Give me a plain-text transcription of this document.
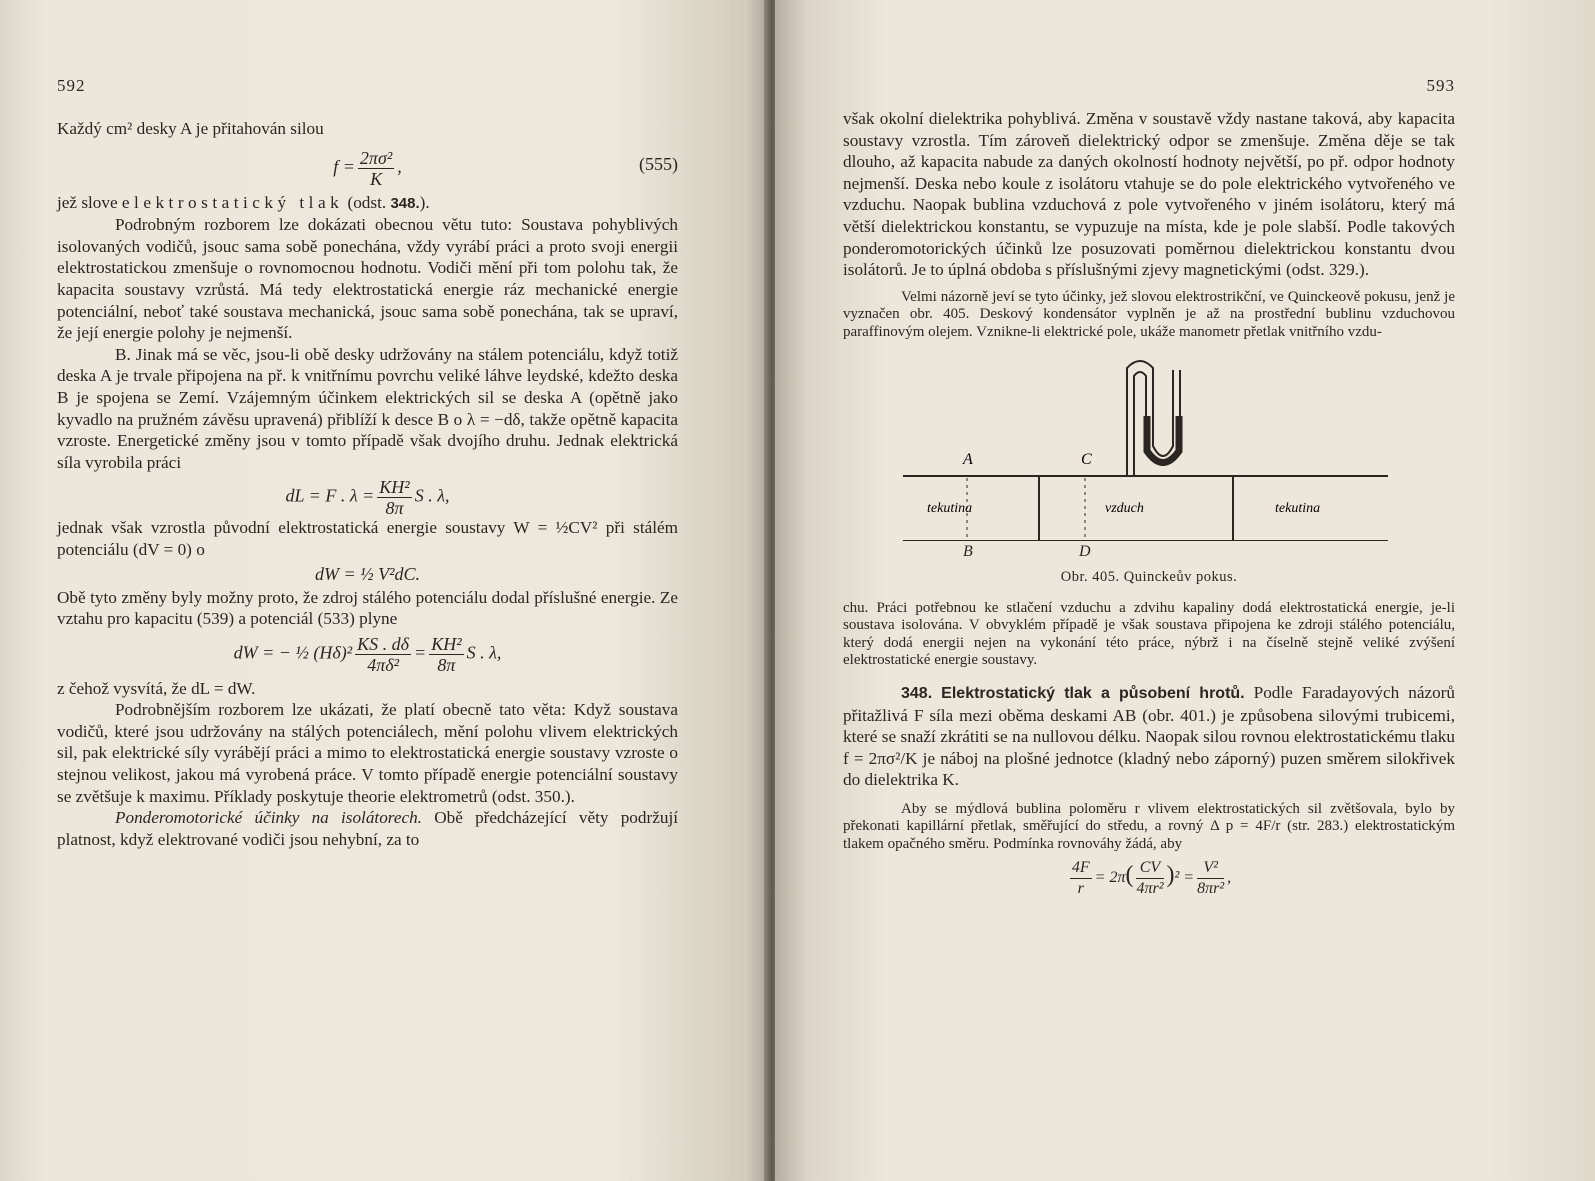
592

Každý cm² desky A je přitahován silou

$f = \frac{\text{2πσ²}}{K}$ ,	(555)

jež slove elektrostatický tlak (odst. 348.).

Podrobným rozborem lze dokázati obecnou větu tuto: Soustava pohyblivých isolovaných vodičů, jsouc sama sobě ponechána, vždy vyrábí práci a proto svoji energii elektrostatickou zmenšuje o rovnomocnou hodnotu. Vodiči mění při tom polohu tak, že kapacita soustavy vzrůstá. Má tedy elektrostatická energie ráz mechanické energie potenciální, neboť také soustava mechanická, jsouc sama sobě ponechána, tak se upraví, že její energie polohy je nejmenší.

B. Jinak má se věc, jsou-li obě desky udržovány na stálem potenciálu, když totiž deska A je trvale připojena na př. k vnitřnímu povrchu veliké láhve leydské, kdežto deska B je spojena se Zemí. Vzájemným účinkem elektrických sil se deska A (opětně jako kyvadlo na pružném závěsu upravená) přiblíží k desce B o λ = −dδ, takže opětně kapacita vzroste. Energetické změny jsou v tomto případě však dvojího druhu. Jednak elektrická síla vyrobila práci

dL = F . $\lambda = \frac{\text{KH²}}{8\pi}$ S . λ,

jednak však vzrostla původní elektrostatická energie soustavy W = ½CV² při stálém potenciálu (dV = 0) o

dW = ½ V²dC.

Obě tyto změny byly možny proto, že zdroj stálého potenciálu dodal příslušné energie. Ze vztahu pro kapacitu (539) a potenciál (533) plyne

dW = − ½ $(H\delta)^2 \frac{KS . d\delta}{\text{4πδ²}} = \frac{\text{KH²}}{8\pi}$ S . λ,

z čehož vysvítá, že dL = dW.

Podrobnějším rozborem lze ukázati, že platí obecně tato věta: Když soustava vodičů, které jsou udržovány na stálých potenciálech, mění polohu vlivem elektrických sil, pak elektrické síly vyrábějí práci a mimo to elektrostatická energie soustavy vzroste o stejnou velikost, jakou má vyrobená práce. V tomto případě energie potenciální soustavy se zvětšuje k maximu. Příklady poskytuje theorie elektrometrů (odst. 350.).

Ponderomotorické účinky na isolátorech. Obě předcházející věty podržují platnost, když elektrované vodiči jsou nehybní, za to

593

však okolní dielektrika pohyblivá. Změna v soustavě vždy nastane taková, aby kapacita soustavy vzrostla. Tím zároveň dielektrický odpor se zmenšuje. Změna děje se tak dlouho, až kapacita nabude za daných okolností hodnoty největší, po př. odpor hodnoty nejmenší. Deska nebo koule z isolátoru vtahuje se do pole elektrického vytvořeného ve vzduchu. Naopak bublina vzduchová z pole vytvořeného v jiném isolátoru, který má větší dielektrickou konstantu, se vypuzuje na místa, kde je pole slabší. Podle takových ponderomotorických účinků lze posuzovati poměrnou dielektrickou konstantu dvou isolátorů. Je to úplná obdoba s příslušnými zjevy magnetickými (odst. 329.).

Velmi názorně jeví se tyto účinky, jež slovou elektrostrikční, ve Quinckeově pokusu, jenž je vyznačen obr. 405. Deskový kondensátor vyplněn je až na prostřední bublinu vzduchovou paraffinovým olejem. Vznikne-li elektrické pole, ukáže manometr přetlak vnitřního vzdu-

A	C
tekutina	vzduch	tekutina
B	D
Obr. 405. Quinckeův pokus.

chu. Práci potřebnou ke stlačení vzduchu a zdvihu kapaliny dodá elektrostatická energie, je-li soustava isolována. V obvyklém případě je však soustava připojena ke zdroji stálého potenciálu, který dodá energii nejen na vykonání této práce, nýbrž i na číselně stejně veliké zvýšení elektrostatické energie soustavy.

348. Elektrostatický tlak a působení hrotů. Podle Faradayových názorů přitažlivá F síla mezi oběma deskami AB (obr. 401.) je způsobena silovými trubicemi, které se snaží zkrátiti se na nullovou délku. Naopak silou rovnou elektrostatickému tlaku f = 2πσ²/K je náboj na plošné jednotce (kladný nebo záporný) puzen směrem silokřivek do dielektrika K.

Aby se mýdlová bublina poloměru r vlivem elektrostatických sil zvětšovala, bylo by překonati kapillární přetlak, směřující do středu, a rovný Δ p = 4F/r (str. 283.) elektrostatickým tlakem opačného směru. Podmínka rovnováhy žádá, aby

$\frac{4F}{r} = 2\pi( \frac{CV}{\text{4πr²}} )^2 = \frac{\text{V²}}{\text{8πr²}}$ ,
